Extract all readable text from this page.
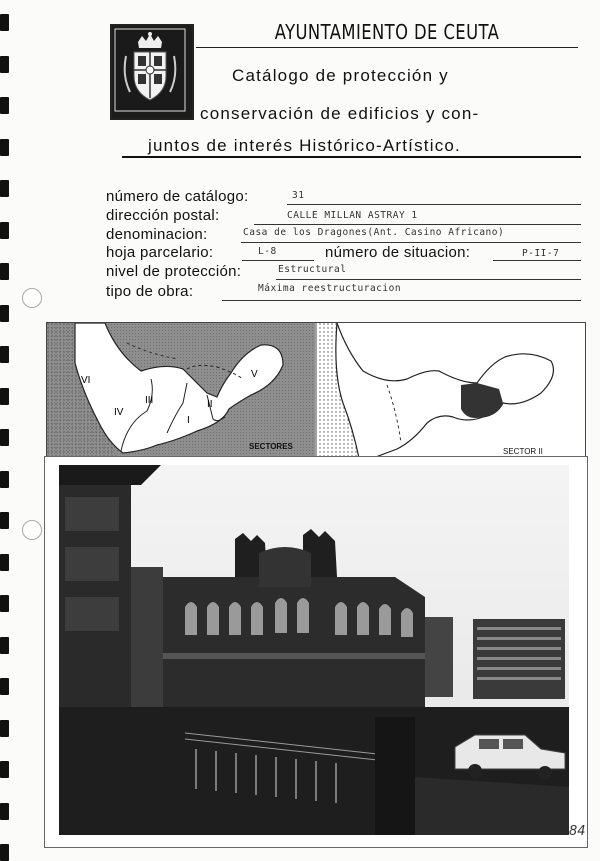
AYUNTAMIENTO DE CEUTA
Catálogo de protección y
conservación de edificios y con-
juntos de interés Histórico-Artístico.
número de catálogo:	31
dirección postal:	CALLE MILLAN ASTRAY 1
denominacion:	Casa de los Dragones(Ant. Casino Africano)
hoja parcelario:	L-8	número de situacion:	P-II-7
nivel de protección:	Estructural
tipo de obra:	Máxima reestructuracion
VI
IV
III
I
II
V
SECTORES
SECTOR II
84
